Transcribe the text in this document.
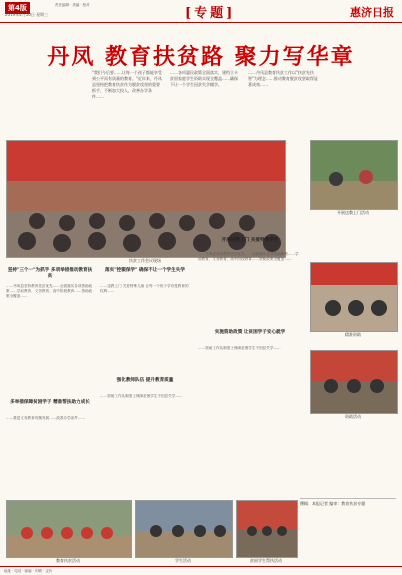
第4版
2019年4月10日 星期三
责任编辑 · 美编 · 校对
[专题]	惠济日报
丹凤 教育扶贫路 聚力写华章
"我们今后要……让每一个孩子都能享受到公平而有质量的教育。"近年来，丹凤县坚持把教育扶贫作为脱贫攻坚的重要抓手，不断加大投入，改善办学条件……
……各项惠民政策全面落实，建档立卡贫困家庭学生资助实现全覆盖……确保不让一个学生因贫失学辍学。
……丹凤县教育扶贫工作以"扶贫先扶智"为理念……推动教育脱贫攻坚取得显著成效……
扶贫工作会议现场
开展送教上门活动
精准资助
资助活动
坚持"三个一"为抓手 多项举措推动教育扶贫
……丹凤县坚持教育扶贫优先……全面落实各项资助政策……学前教育、义务教育、高中阶段教育……资助政策全覆盖……
多举措保障贫困学子 精准帮扶助力成长
……推进义务教育均衡发展……改善办学条件……
落实"控辍保学" 确保不让一个学生失学
……送教上门 关爱特殊儿童 让每一个孩子享有受教育的权利……
强化教师队伍 提升教育质量
……资助工作从制度上保障贫困学生不因贫失学……
开展送教上门 关爱特殊学生
……丹凤县坚持教育扶贫优先……全面落实各项资助政策……学前教育、义务教育、高中阶段教育……资助政策全覆盖……
实施资助政策 让贫困学子安心就学
……资助工作从制度上保障贫困学生不因贫失学……
教育扶贫活动	学生活动	贫困学生帮扶活动
撰稿：本报记者 编审：教育扶贫专题
地址 · 电话 · 邮编 · 印刷 · 定价
